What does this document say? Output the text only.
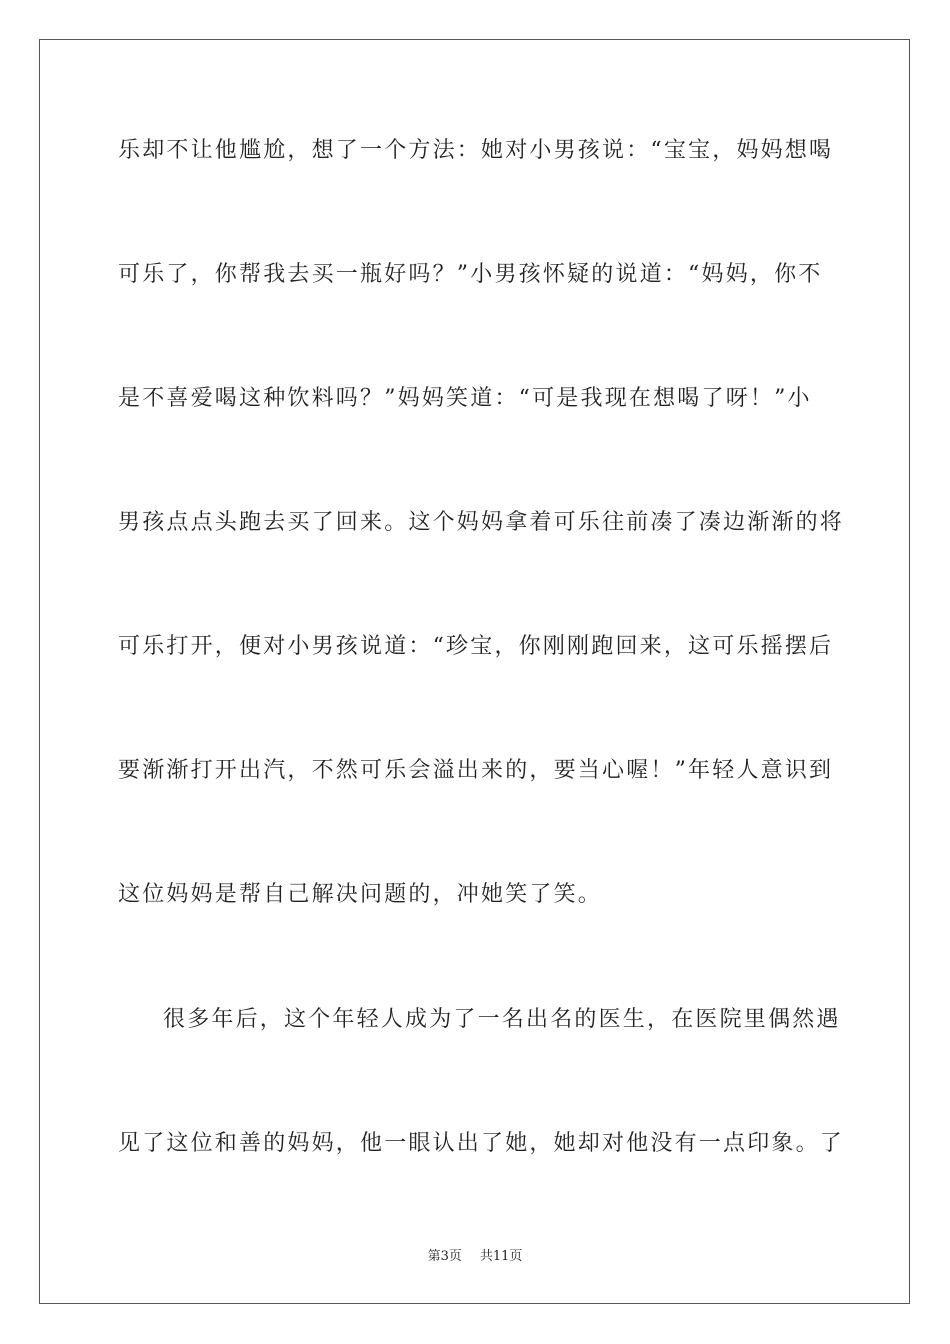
乐却不让他尴尬，想了一个方法：她对小男孩说：“宝宝，妈妈想喝
可乐了，你帮我去买一瓶好吗？”小男孩怀疑的说道：“妈妈，你不
是不喜爱喝这种饮料吗？”妈妈笑道：“可是我现在想喝了呀！”小
男孩点点头跑去买了回来。这个妈妈拿着可乐往前凑了凑边渐渐的将
可乐打开，便对小男孩说道：“珍宝，你刚刚跑回来，这可乐摇摆后
要渐渐打开出汽，不然可乐会溢出来的，要当心喔！”年轻人意识到
这位妈妈是帮自己解决问题的，冲她笑了笑。
很多年后，这个年轻人成为了一名出名的医生，在医院里偶然遇
见了这位和善的妈妈，他一眼认出了她，她却对他没有一点印象。了
第3页 共11页
